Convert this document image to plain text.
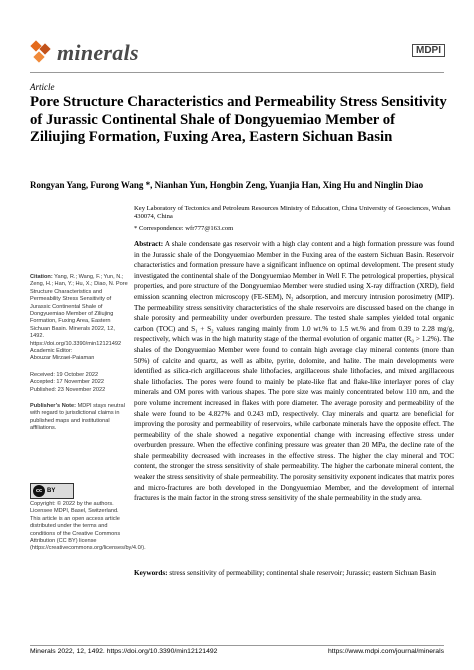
minerals	MDPI
Article
Pore Structure Characteristics and Permeability Stress Sensitivity of Jurassic Continental Shale of Dongyuemiao Member of Ziliujing Formation, Fuxing Area, Eastern Sichuan Basin
Rongyan Yang, Furong Wang *, Nianhan Yun, Hongbin Zeng, Yuanjia Han, Xing Hu and Ninglin Diao
Key Laboratory of Tectonics and Petroleum Resources Ministry of Education, China University of Geosciences, Wuhan 430074, China
* Correspondence: wfr777@163.com
Abstract: A shale condensate gas reservoir with a high clay content and a high formation pressure was found in the Jurassic shale of the Dongyuemiao Member in the Fuxing area of the eastern Sichuan Basin. Reservoir characteristics and formation pressure have a significant influence on optimal development. The present study investigated the continental shale of the Dongyuemiao Member in Well F. The petrological properties, physical properties, and pore structure of the Dongyuemiao Member were studied using X-ray diffraction (XRD), field emission scanning electron microscopy (FE-SEM), N₂ adsorption, and mercury intrusion porosimetry (MIP). The permeability stress sensitivity characteristics of the shale reservoirs are discussed based on the change in shale porosity and permeability under overburden pressure. The tested shale samples yielded total organic carbon (TOC) and S₁ + S₂ values ranging mainly from 1.0 wt.% to 1.5 wt.% and from 0.39 to 2.28 mg/g, respectively, which was in the high maturity stage of the thermal evolution of organic matter (R₀ > 1.2%). The shales of the Dongyuemiao Member were found to contain high average clay mineral contents (more than 50%) of calcite and quartz, as well as albite, pyrite, dolomite, and halite. The main developments were identified as silica-rich argillaceous shale lithofacies, argillaceous shale lithofacies, and mixed argillaceous shale lithofacies. The pores were found to mainly be plate-like flat and flake-like interlayer pores of clay minerals and OM pores with various shapes. The pore size was mainly concentrated below 110 nm, and the pore volume increment increased in flakes with pore diameter. The average porosity and permeability of the shale were found to be 4.827% and 0.243 mD, respectively. Clay minerals and quartz are beneficial for improving the porosity and permeability of reservoirs, while carbonate minerals have the opposite effect. The permeability of the shale showed a negative exponential change with increasing effective stress under overburden pressure. When the effective confining pressure was greater than 20 MPa, the decline rate of the shale permeability decreased with increases in the effective stress. The higher the clay mineral and TOC content, the stronger the stress sensitivity of shale permeability. The higher the carbonate mineral content, the weaker the stress sensitivity of shale permeability. The porosity sensitivity exponent indicates that matrix pores and micro-fractures are both developed in the Dongyuemiao Member, and the development of internal fractures is the main factor in the strong stress sensitivity of the shale permeability in the study area.
Keywords: stress sensitivity of permeability; continental shale reservoir; Jurassic; eastern Sichuan Basin
Citation: Yang, R.; Wang, F.; Yun, N.; Zeng, H.; Han, Y.; Hu, X.; Diao, N. Pore Structure Characteristics and Permeability Stress Sensitivity of Jurassic Continental Shale of Dongyuemiao Member of Ziliujing Formation, Fuxing Area, Eastern Sichuan Basin. Minerals 2022, 12, 1492. https://doi.org/10.3390/min12121492
Academic Editor:
Abouzar Mirzaei-Paiaman
Received: 19 October 2022
Accepted: 17 November 2022
Published: 23 November 2022
Publisher’s Note: MDPI stays neutral with regard to jurisdictional claims in published maps and institutional affiliations.
cc BY
Copyright: © 2022 by the authors. Licensee MDPI, Basel, Switzerland. This article is an open access article distributed under the terms and conditions of the Creative Commons Attribution (CC BY) license (https://creativecommons.org/licenses/by/4.0/).
Minerals 2022, 12, 1492. https://doi.org/10.3390/min12121492	https://www.mdpi.com/journal/minerals
